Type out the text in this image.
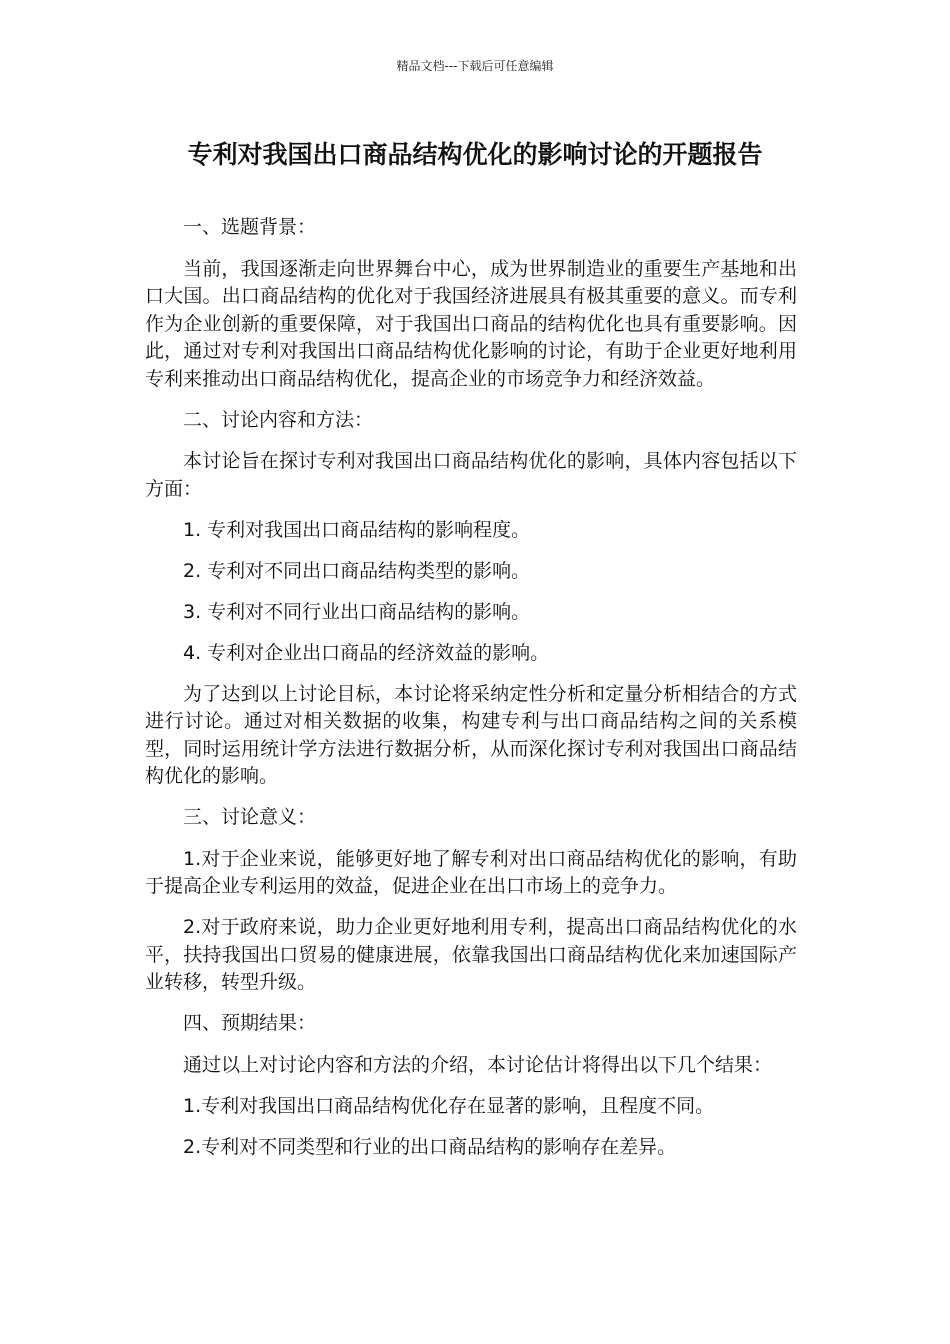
精品文档---下载后可任意编辑
专利对我国出口商品结构优化的影响讨论的开题报告

一、选题背景：

当前，我国逐渐走向世界舞台中心，成为世界制造业的重要生产基地和出口大国。出口商品结构的优化对于我国经济进展具有极其重要的意义。而专利作为企业创新的重要保障，对于我国出口商品的结构优化也具有重要影响。因此，通过对专利对我国出口商品结构优化影响的讨论，有助于企业更好地利用专利来推动出口商品结构优化，提高企业的市场竞争力和经济效益。

二、讨论内容和方法：

本讨论旨在探讨专利对我国出口商品结构优化的影响，具体内容包括以下方面：

1. 专利对我国出口商品结构的影响程度。

2. 专利对不同出口商品结构类型的影响。

3. 专利对不同行业出口商品结构的影响。

4. 专利对企业出口商品的经济效益的影响。

为了达到以上讨论目标，本讨论将采纳定性分析和定量分析相结合的方式进行讨论。通过对相关数据的收集，构建专利与出口商品结构之间的关系模型，同时运用统计学方法进行数据分析，从而深化探讨专利对我国出口商品结构优化的影响。

三、讨论意义：

1.对于企业来说，能够更好地了解专利对出口商品结构优化的影响，有助于提高企业专利运用的效益，促进企业在出口市场上的竞争力。

2.对于政府来说，助力企业更好地利用专利，提高出口商品结构优化的水平，扶持我国出口贸易的健康进展，依靠我国出口商品结构优化来加速国际产业转移，转型升级。

四、预期结果：

通过以上对讨论内容和方法的介绍，本讨论估计将得出以下几个结果：

1.专利对我国出口商品结构优化存在显著的影响，且程度不同。

2.专利对不同类型和行业的出口商品结构的影响存在差异。
